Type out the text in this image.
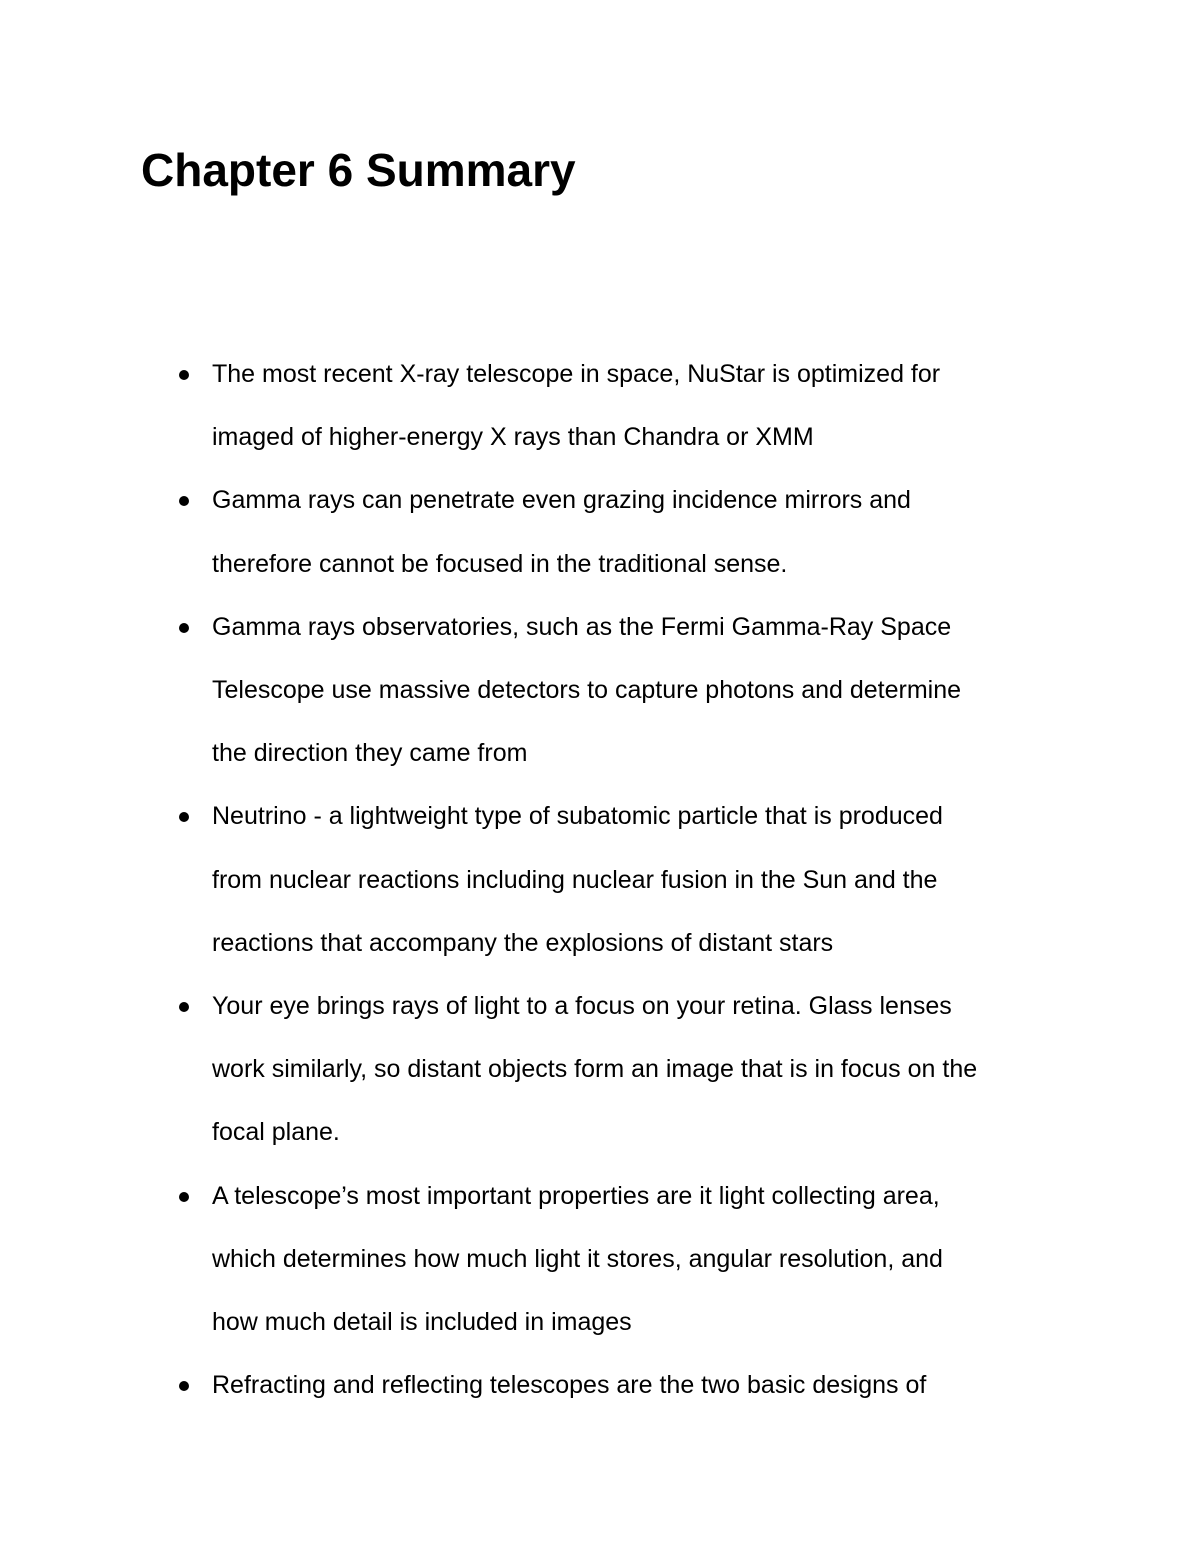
Chapter 6 Summary
The most recent X-ray telescope in space, NuStar is optimized for
imaged of higher-energy X rays than Chandra or XMM
Gamma rays can penetrate even grazing incidence mirrors and
therefore cannot be focused in the traditional sense.
Gamma rays observatories, such as the Fermi Gamma-Ray Space
Telescope use massive detectors to capture photons and determine
the direction they came from
Neutrino - a lightweight type of subatomic particle that is produced
from nuclear reactions including nuclear fusion in the Sun and the
reactions that accompany the explosions of distant stars
Your eye brings rays of light to a focus on your retina. Glass lenses
work similarly, so distant objects form an image that is in focus on the
focal plane.
A telescope’s most important properties are it light collecting area,
which determines how much light it stores, angular resolution, and
how much detail is included in images
Refracting and reflecting telescopes are the two basic designs of
